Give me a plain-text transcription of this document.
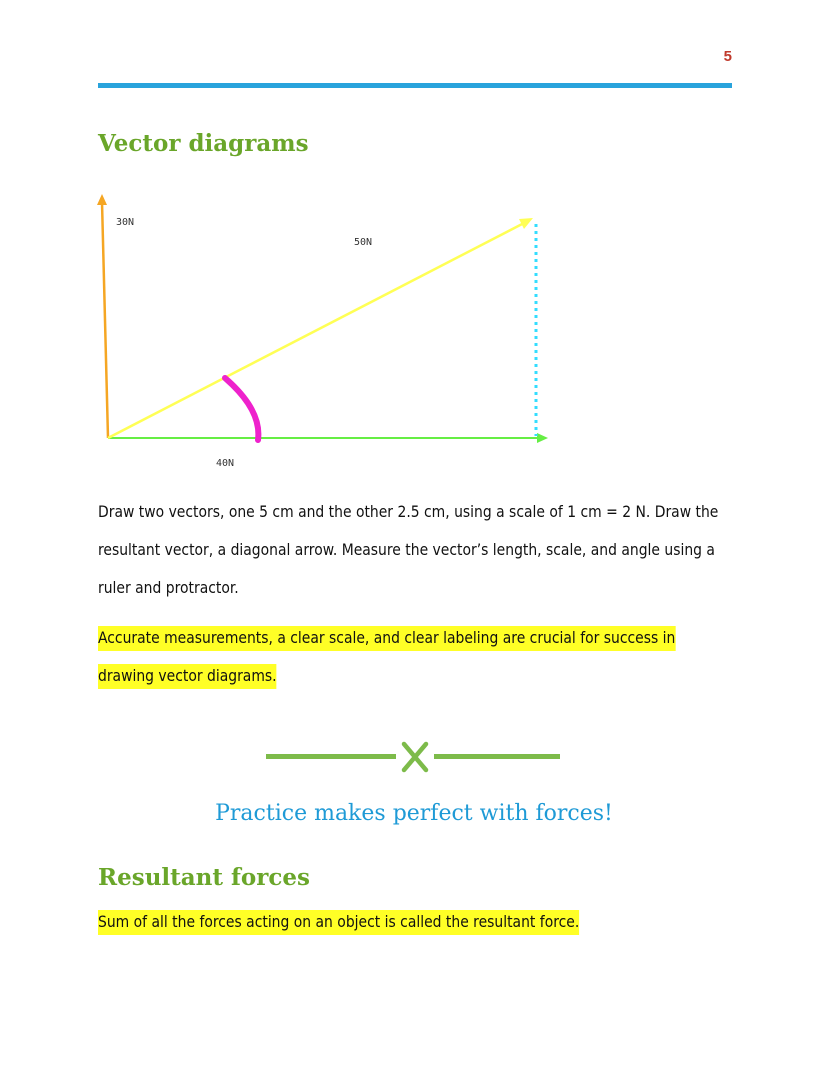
5
Vector diagrams
30N
50N
40N

Draw two vectors, one 5 cm and the other 2.5 cm, using a scale of 1 cm = 2 N. Draw the resultant vector, a diagonal arrow. Measure the vector’s length, scale, and angle using a ruler and protractor.

Accurate measurements, a clear scale, and clear labeling are crucial for success in drawing vector diagrams.

Practice makes perfect with forces!

Resultant forces

Sum of all the forces acting on an object is called the resultant force.
